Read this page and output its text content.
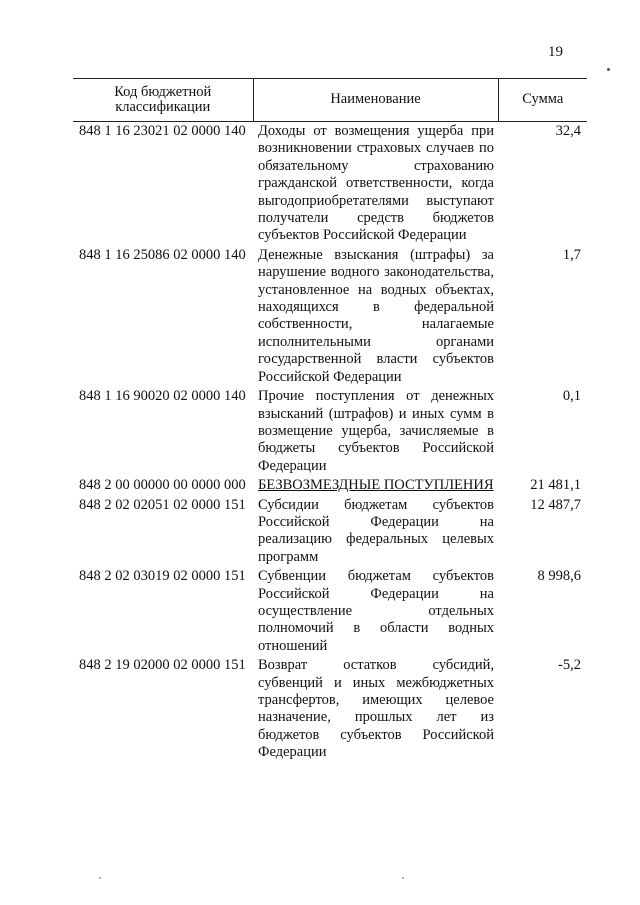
19
Код бюджетной классификации	Наименование	Сумма
848 1 16 23021 02 0000 140	Доходы от возмещения ущерба при возникновении страховых случаев по обязательному страхованию гражданской ответственности, когда выгодоприобретателями выступают получатели средств бюджетов субъектов Российской Федерации	32,4
848 1 16 25086 02 0000 140	Денежные взыскания (штрафы) за нарушение водного законодательства, установленное на водных объектах, находящихся в федеральной собственности, налагаемые исполнительными органами государственной власти субъектов Российской Федерации	1,7
848 1 16 90020 02 0000 140	Прочие поступления от денежных взысканий (штрафов) и иных сумм в возмещение ущерба, зачисляемые в бюджеты субъектов Российской Федерации	0,1
848 2 00 00000 00 0000 000	БЕЗВОЗМЕЗДНЫЕ ПОСТУПЛЕНИЯ	21 481,1
848 2 02 02051 02 0000 151	Субсидии бюджетам субъектов Российской Федерации на реализацию федеральных целевых программ	12 487,7
848 2 02 03019 02 0000 151	Субвенции бюджетам субъектов Российской Федерации на осуществление отдельных полномочий в области водных отношений	8 998,6
848 2 19 02000 02 0000 151	Возврат остатков субсидий, субвенций и иных межбюджетных трансфертов, имеющих целевое назначение, прошлых лет из бюджетов субъектов Российской Федерации	-5,2
